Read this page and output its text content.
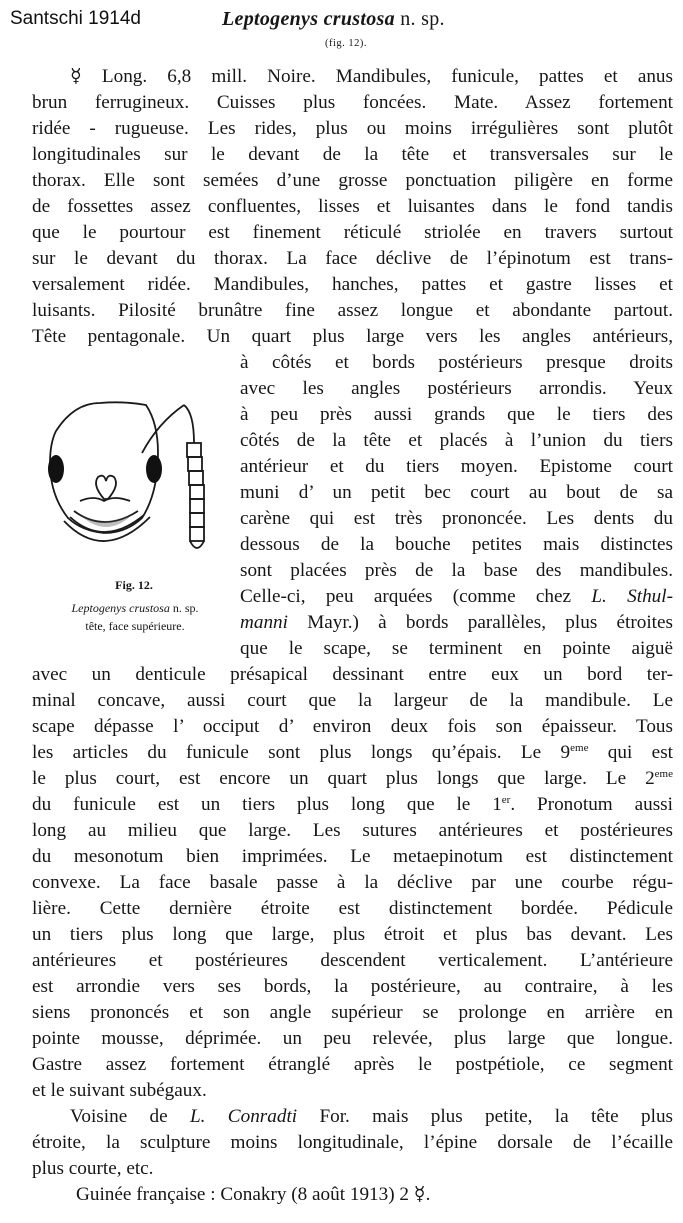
Santschi 1914d	Leptogenys crustosa n. sp.
(fig. 12).
☿ Long. 6,8 mill. Noire. Mandibules, funicule, pattes et anus
brun ferrugineux. Cuisses plus foncées. Mate. Assez fortement
ridée - rugueuse. Les rides, plus ou moins irrégulières sont plutôt
longitudinales sur le devant de la tête et transversales sur le
thorax. Elle sont semées d’une grosse ponctuation piligère en forme
de fossettes assez confluentes, lisses et luisantes dans le fond tandis
que le pourtour est finement réticulé striolée en travers surtout
sur le devant du thorax. La face déclive de l’épinotum est trans-
versalement ridée. Mandibules, hanches, pattes et gastre lisses et
luisants. Pilosité brunâtre fine assez longue et abondante partout.
Tête pentagonale. Un quart plus large vers les angles antérieurs,
à côtés et bords postérieurs presque droits
avec les angles postérieurs arrondis. Yeux
à peu près aussi grands que le tiers des
côtés de la tête et placés à l’union du tiers
antérieur et du tiers moyen. Epistome court
muni d’ un petit bec court au bout de sa
carène qui est très prononcée. Les dents du
dessous de la bouche petites mais distinctes
sont placées près de la base des mandibules.
Celle-ci, peu arquées (comme chez L. Sthul-
manni Mayr.) à bords parallèles, plus étroites
que le scape, se terminent en pointe aiguë
Fig. 12.
Leptogenys crustosa n. sp.
tête, face supérieure.
avec un denticule présapical dessinant entre eux un bord ter-
minal concave, aussi court que la largeur de la mandibule. Le
scape dépasse l’ occiput d’ environ deux fois son épaisseur. Tous
les articles du funicule sont plus longs qu’épais. Le 9eme qui est
le plus court, est encore un quart plus longs que large. Le 2eme
du funicule est un tiers plus long que le 1er. Pronotum aussi
long au milieu que large. Les sutures antérieures et postérieures
du mesonotum bien imprimées. Le metaepinotum est distinctement
convexe. La face basale passe à la déclive par une courbe régu-
lière. Cette dernière étroite est distinctement bordée. Pédicule
un tiers plus long que large, plus étroit et plus bas devant. Les
antérieures et postérieures descendent verticalement. L’antérieure
est arrondie vers ses bords, la postérieure, au contraire, à les
siens prononcés et son angle supérieur se prolonge en arrière en
pointe mousse, déprimée. un peu relevée, plus large que longue.
Gastre assez fortement étranglé après le postpétiole, ce segment
et le suivant subégaux.
Voisine de L. Conradti For. mais plus petite, la tête plus
étroite, la sculpture moins longitudinale, l’épine dorsale de l’écaille
plus courte, etc.
Guinée française : Conakry (8 août 1913) 2 ☿.
